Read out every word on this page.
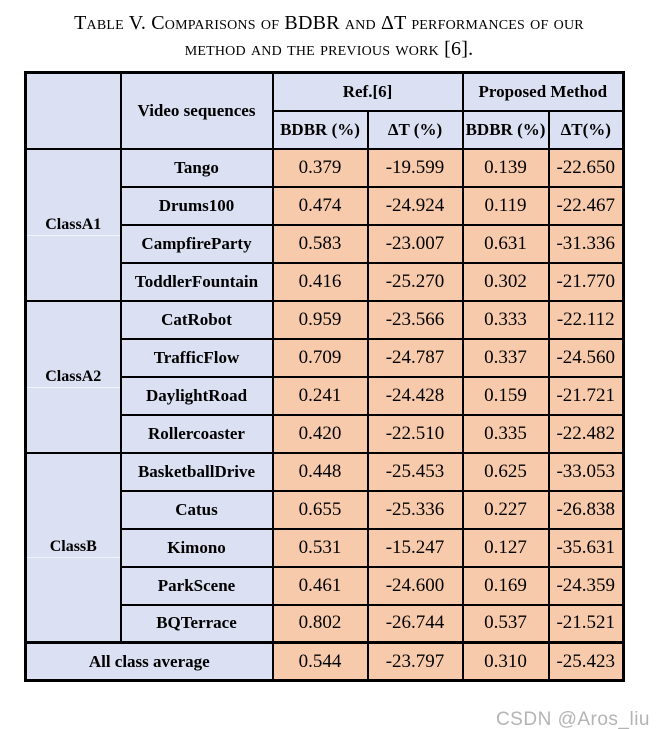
Table V. Comparisons of BDBR and ΔT performances of our
method and the previous work [6].
	Video sequences	Ref.[6]		Proposed Method	
		BDBR (%)	ΔT (%)	BDBR (%)	ΔT(%)
ClassA1	Tango	0.379	-19.599	0.139	-22.650
	Drums100	0.474	-24.924	0.119	-22.467
	CampfireParty	0.583	-23.007	0.631	-31.336
	ToddlerFountain	0.416	-25.270	0.302	-21.770
ClassA2	CatRobot	0.959	-23.566	0.333	-22.112
	TrafficFlow	0.709	-24.787	0.337	-24.560
	DaylightRoad	0.241	-24.428	0.159	-21.721
	Rollercoaster	0.420	-22.510	0.335	-22.482
ClassB	BasketballDrive	0.448	-25.453	0.625	-33.053
	Catus	0.655	-25.336	0.227	-26.838
	Kimono	0.531	-15.247	0.127	-35.631
	ParkScene	0.461	-24.600	0.169	-24.359
	BQTerrace	0.802	-26.744	0.537	-21.521
All class average		0.544	-23.797	0.310	-25.423
CSDN @Aros_liu
